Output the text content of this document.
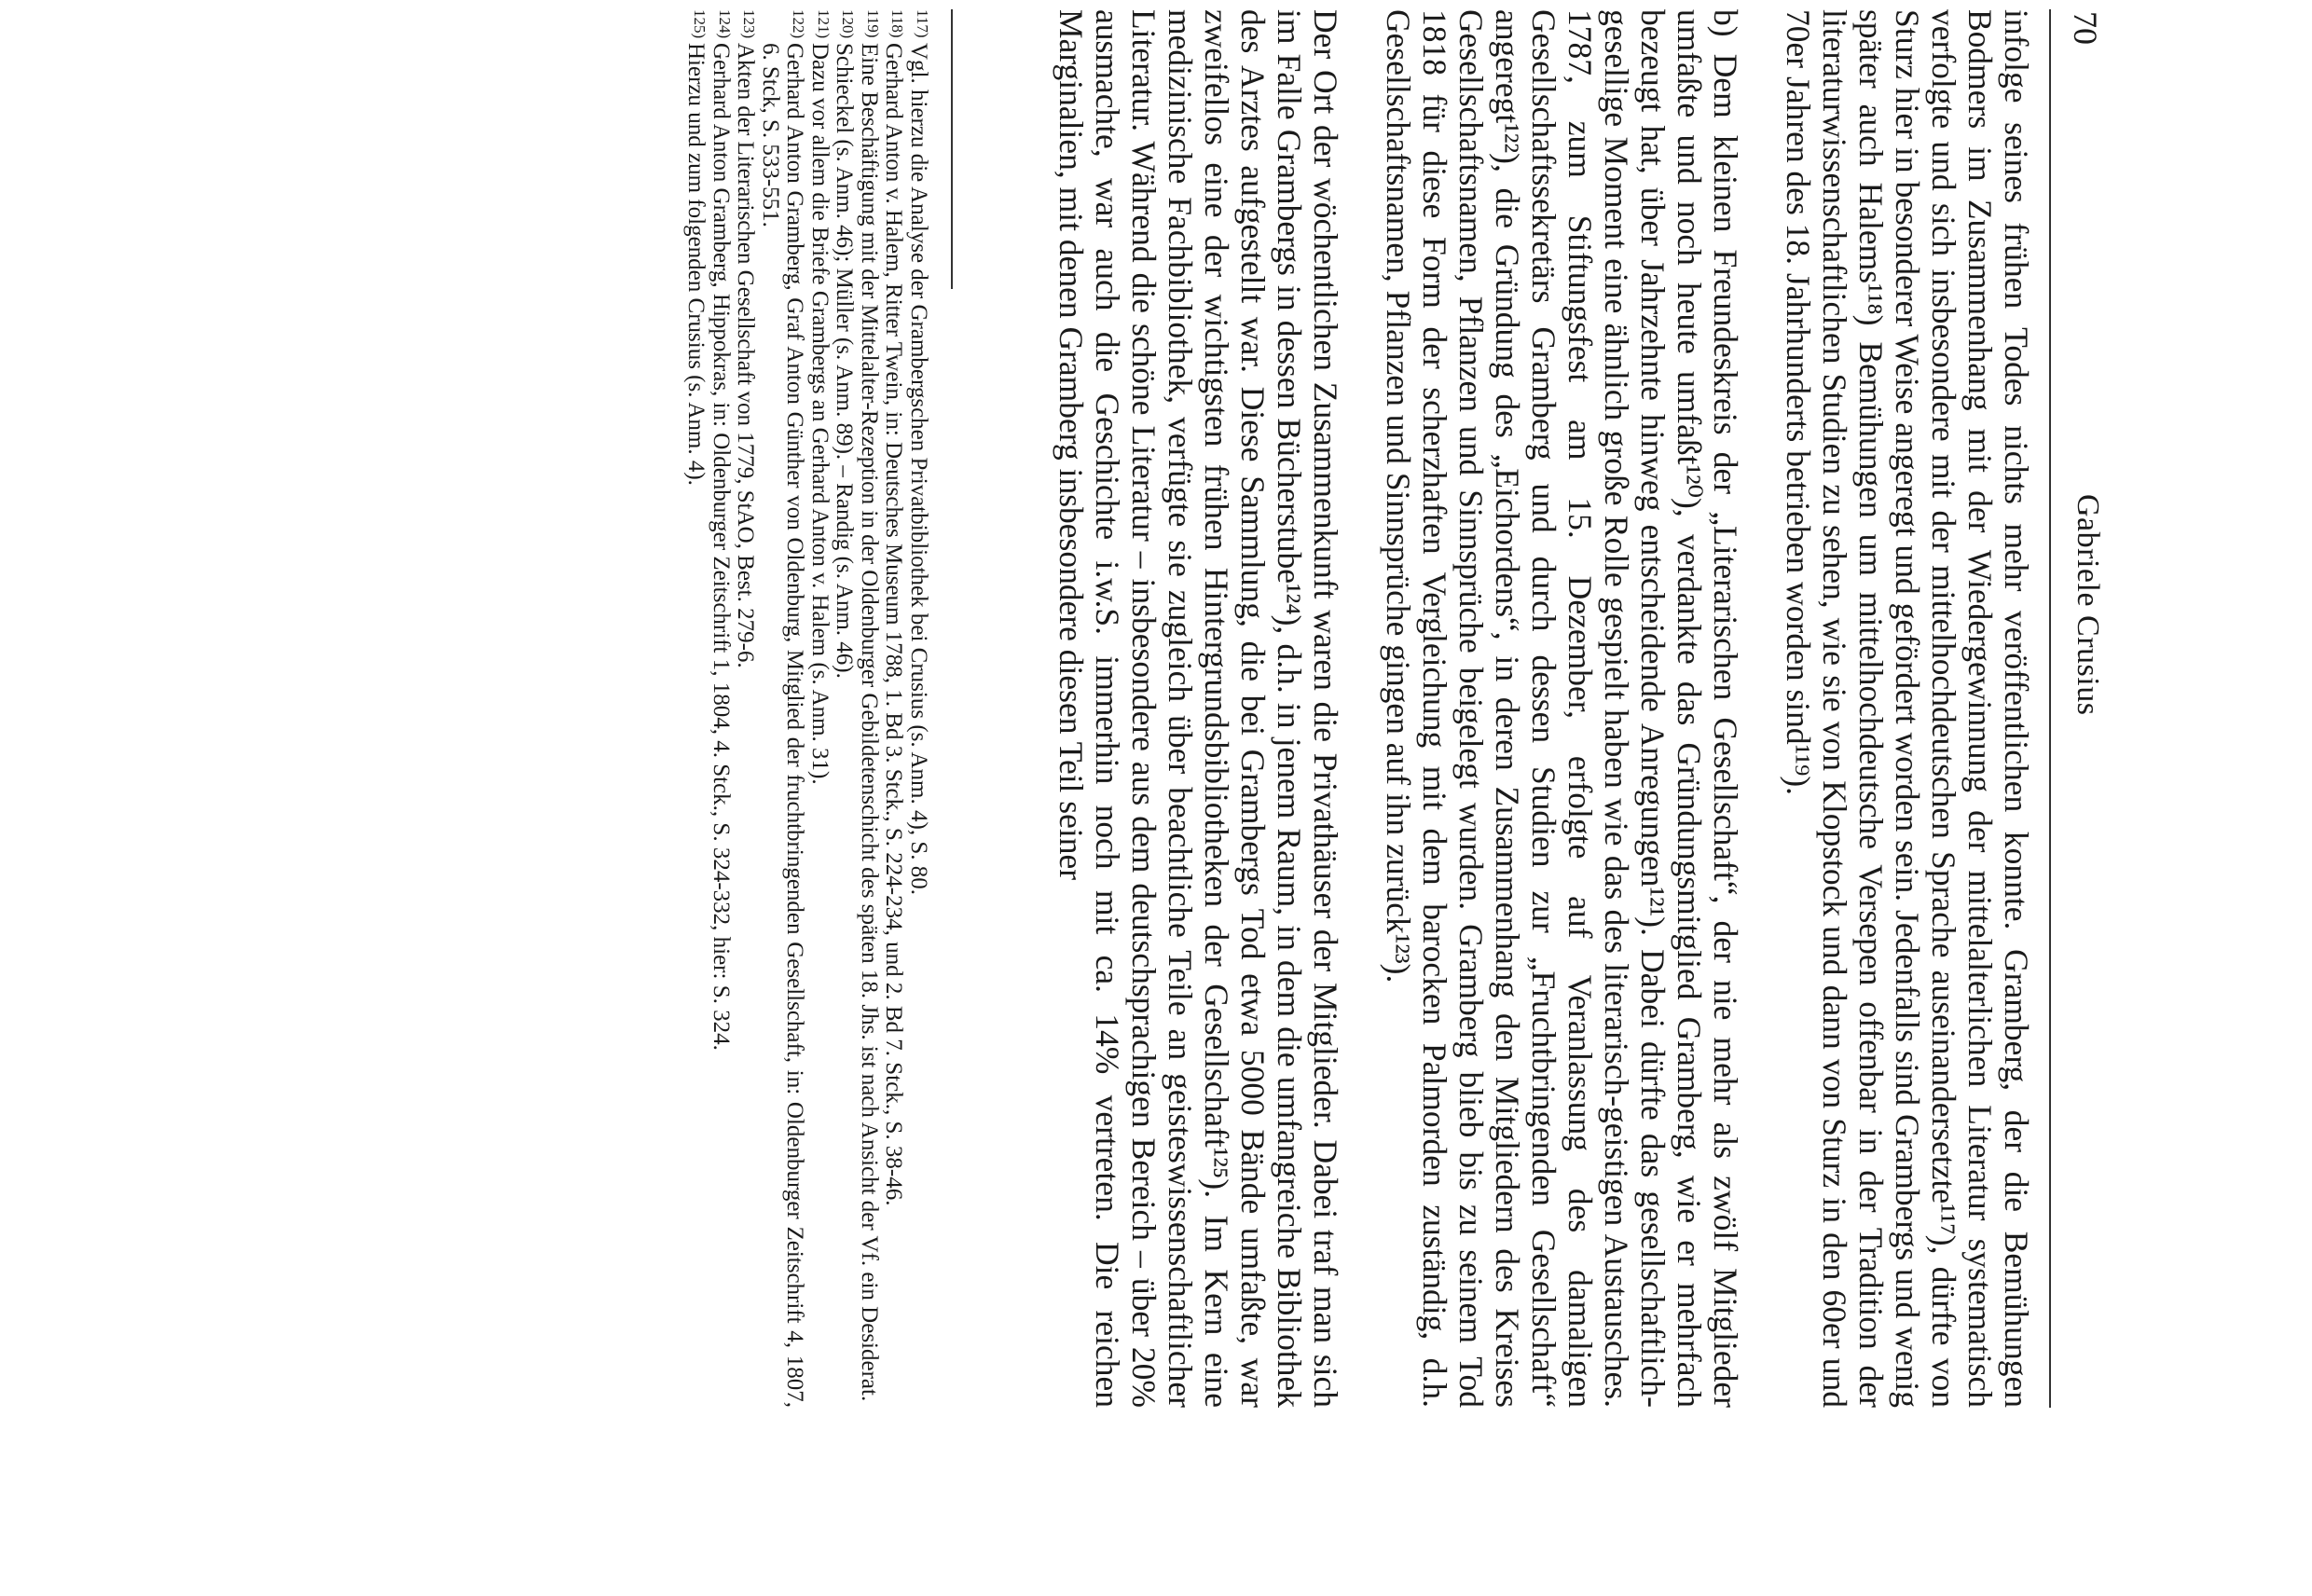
70
Gabriele Crusius

infolge seines frühen Todes nichts mehr veröffentlichen konnte. Gramberg, der die Bemühungen Bodmers im Zusammenhang mit der Wiedergewinnung der mittelalterlichen Literatur systematisch verfolgte und sich insbesondere mit der mittelhochdeutschen Sprache auseinandersetzte¹¹⁷), dürfte von Sturz hier in besonderer Weise angeregt und gefördert worden sein. Jedenfalls sind Grambergs und wenig später auch Halems¹¹⁸) Bemühungen um mittelhochdeutsche Versepen offenbar in der Tradition der literaturwissenschaftlichen Studien zu sehen, wie sie von Klopstock und dann von Sturz in den 60er und 70er Jahren des 18. Jahrhunderts betrieben worden sind¹¹⁹).

b) Dem kleinen Freundeskreis der „Literarischen Gesellschaft“, der nie mehr als zwölf Mitglieder umfaßte und noch heute umfaßt¹²⁰), verdankte das Gründungsmitglied Gramberg, wie er mehrfach bezeugt hat, über Jahrzehnte hinweg entscheidende Anregungen¹²¹). Dabei dürfte das gesellschaftlich-gesellige Moment eine ähnlich große Rolle gespielt haben wie das des literarisch-geistigen Austausches. 1787, zum Stiftungsfest am 15. Dezember, erfolgte auf Veranlassung des damaligen Gesellschaftssekretärs Gramberg und durch dessen Studien zur „Fruchtbringenden Gesellschaft“ angeregt¹²²), die Gründung des „Eichordens“, in deren Zusammenhang den Mitgliedern des Kreises Gesellschaftsnamen, Pflanzen und Sinnsprüche beigelegt wurden. Gramberg blieb bis zu seinem Tod 1818 für diese Form der scherzhaften Vergleichung mit dem barocken Palmorden zuständig, d.h. Gesellschaftsnamen, Pflanzen und Sinnsprüche gingen auf ihn zurück¹²³).

Der Ort der wöchentlichen Zusammenkunft waren die Privathäuser der Mitglieder. Dabei traf man sich im Falle Grambergs in dessen Bücherstube¹²⁴), d.h. in jenem Raum, in dem die umfangreiche Bibliothek des Arztes aufgestellt war. Diese Sammlung, die bei Grambergs Tod etwa 5000 Bände umfaßte, war zweifellos eine der wichtigsten frühen Hintergrundsbibliotheken der Gesellschaft¹²⁵). Im Kern eine medizinische Fachbibliothek, verfügte sie zugleich über beachtliche Teile an geisteswissenschaftlicher Literatur. Während die schöne Literatur – insbesondere aus dem deutschsprachigen Bereich – über 20% ausmachte, war auch die Geschichte i.w.S. immerhin noch mit ca. 14% vertreten. Die reichen Marginalien, mit denen Gramberg insbesondere diesen Teil seiner

117)
Vgl. hierzu die Analyse der Grambergschen Privatbibliothek bei Crusius (s. Anm. 4), S. 80.
118)
Gerhard Anton v. Halem, Ritter Twein, in: Deutsches Museum 1788, 1. Bd 3. Stck., S. 224-234, und 2. Bd 7. Stck., S. 38-46.
119)
Eine Beschäftigung mit der Mittelalter-Rezeption in der Oldenburger Gebildetenschicht des späten 18. Jhs. ist nach Ansicht der Vf. ein Desiderat.
120)
Schieckel (s. Anm. 46); Müller (s. Anm. 89). – Randig (s. Anm. 46).
121)
Dazu vor allem die Briefe Grambergs an Gerhard Anton v. Halem (s. Anm. 31).
122)
Gerhard Anton Gramberg, Graf Anton Günther von Oldenburg, Mitglied der fruchtbringenden Gesellschaft, in: Oldenburger Zeitschrift 4, 1807, 6. Stck, S. 533-551.
123)
Akten der Literarischen Gesellschaft von 1779, StAO, Best. 279-6.
124)
Gerhard Anton Gramberg, Hippokras, in: Oldenburger Zeitschrift 1, 1804, 4. Stck., S. 324-332, hier: S. 324.
125)
Hierzu und zum folgenden Crusius (s. Anm. 4).
